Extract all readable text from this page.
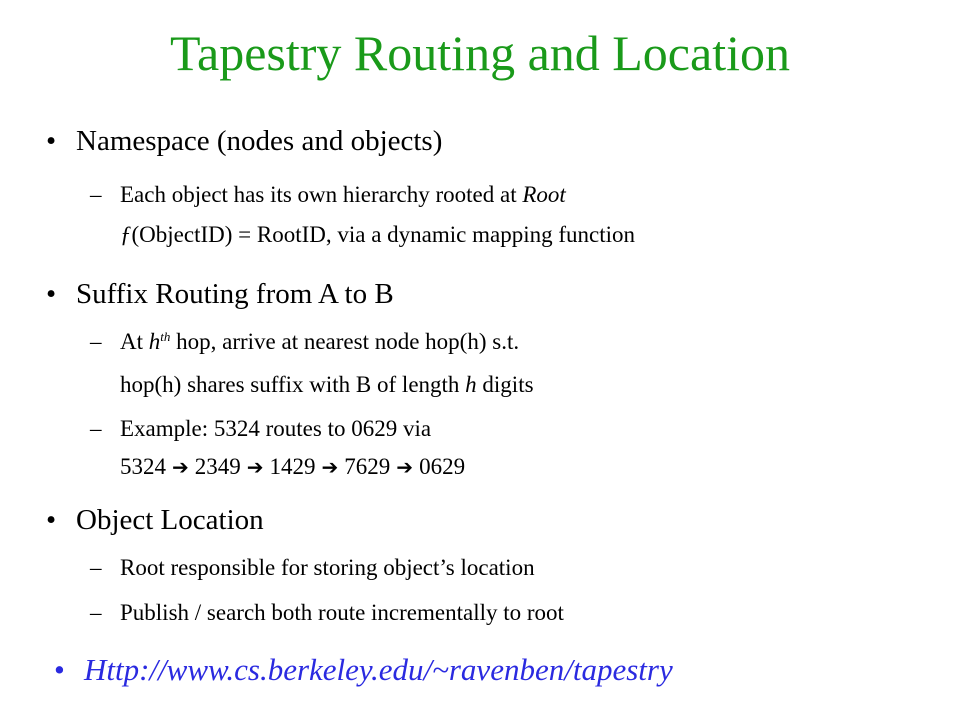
Tapestry Routing and Location
• Namespace (nodes and objects)
– Each object has its own hierarchy rooted at Root
ƒ(ObjectID) = RootID, via a dynamic mapping function
• Suffix Routing from A to B
– At $h^{th}$ hop, arrive at nearest node hop(h) s.t.
hop(h) shares suffix with B of length h digits
– Example: 5324 routes to 0629 via
5324 ➔ 2349 ➔ 1429 ➔ 7629 ➔ 0629
• Object Location
– Root responsible for storing object’s location
– Publish / search both route incrementally to root
• Http://www.cs.berkeley.edu/~ravenben/tapestry
